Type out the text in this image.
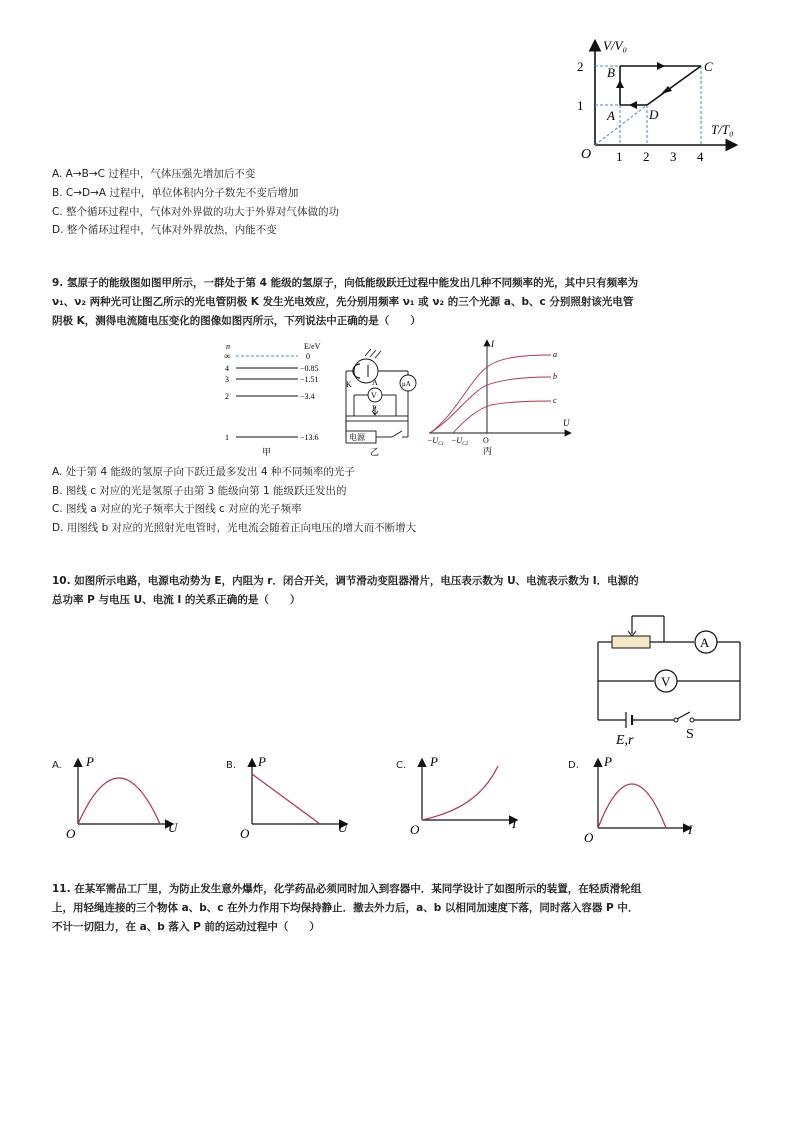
V/V₀
T/T₀
O
1
2
1 2 3 4
A
B	C
D
A. A→B→C 过程中，气体压强先增加后不变
B. C→D→A 过程中，单位体积内分子数先不变后增加
C. 整个循环过程中，气体对外界做的功大于外界对气体做的功
D. 整个循环过程中，气体对外界放热，内能不变
9. 氢原子的能级图如图甲所示，一群处于第 4 能级的氢原子，向低能级跃迁过程中能发出几种不同频率的光，其中只有频率为
ν₁、ν₂ 两种光可让图乙所示的光电管阴极 K 发生光电效应，先分别用频率 ν₁ 或 ν₂ 的三个光源 a、b、c 分别照射该光电管
阴极 K，测得电流随电压变化的图像如图丙所示，下列说法中正确的是（　　）
n	E/eV
∞	0
4	−0.85
3	−1.51
2	−3.4
1	−13.6
甲
K	A	μA
V
P
电源
乙
I
U
O
$-U_{C1} -U_{C2}$
a
b
c
丙
A. 处于第 4 能级的氢原子向下跃迁最多发出 4 种不同频率的光子
B. 图线 c 对应的光是氢原子由第 3 能级向第 1 能级跃迁发出的
C. 图线 a 对应的光子频率大于图线 c 对应的光子频率
D. 用图线 b 对应的光照射光电管时，光电流会随着正向电压的增大而不断增大
10. 如图所示电路，电源电动势为 E，内阻为 r．闭合开关，调节滑动变阻器滑片，电压表示数为 U、电流表示数为 I．电源的
总功率 P 与电压 U、电流 I 的关系正确的是（　　）
A
V
E,r	S
A. P
U
O
B. P
U
O
C. P
I
O
D. P
I
O
11. 在某军需品工厂里，为防止发生意外爆炸，化学药品必须同时加入到容器中．某同学设计了如图所示的装置，在轻质滑轮组
上，用轻绳连接的三个物体 a、b、c 在外力作用下均保持静止．撤去外力后，a、b 以相同加速度下落，同时落入容器 P 中．
不计一切阻力，在 a、b 落入 P 前的运动过程中（　　）
